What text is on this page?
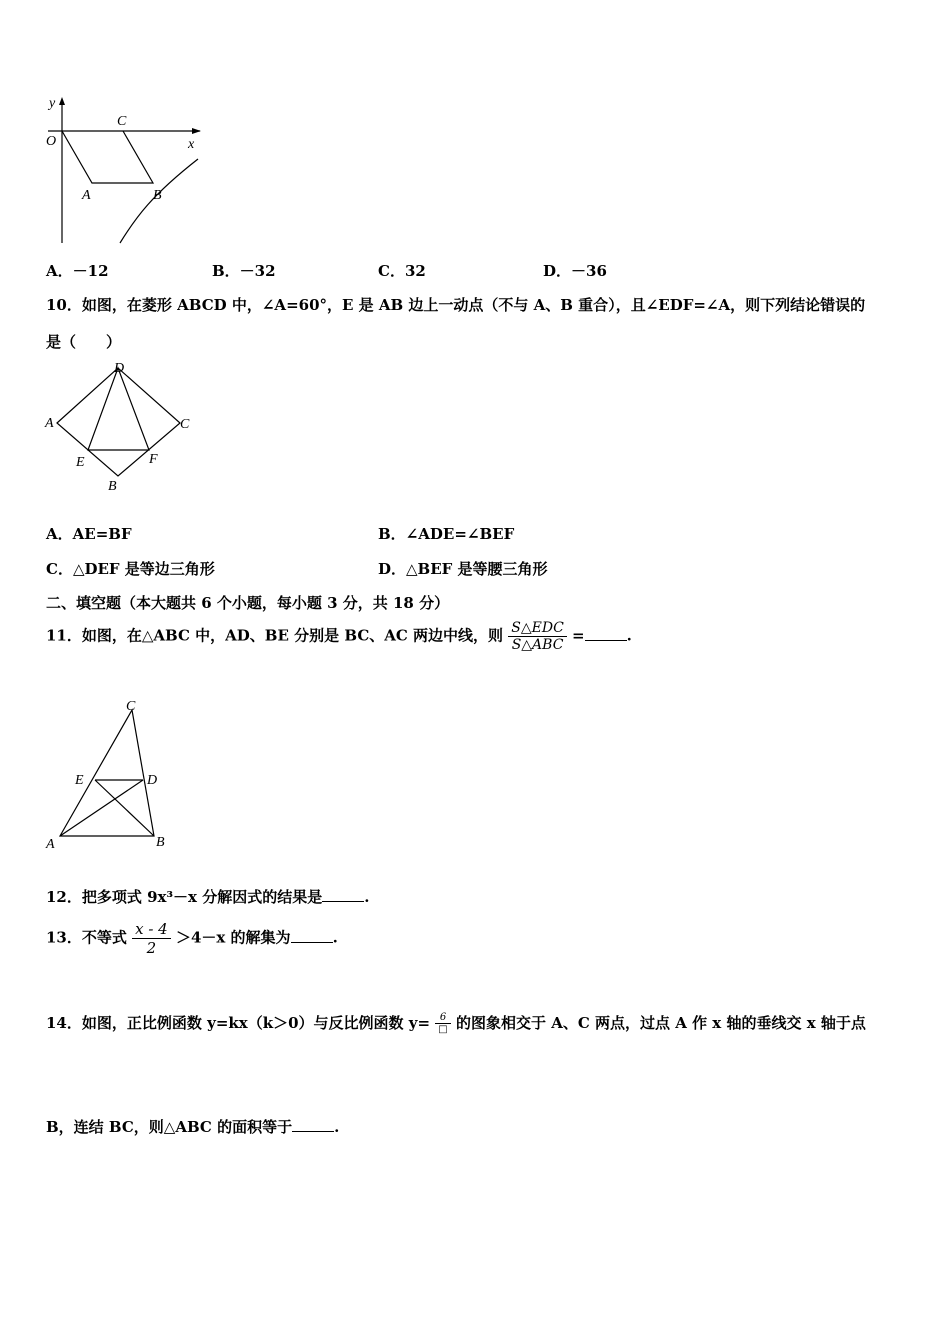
y
O
C
x
A	B
A．－12	B．－32	C．32	D．－36
10．如图，在菱形 ABCD 中，∠A=60°，E 是 AB 边上一动点（不与 A、B 重合），且∠EDF=∠A，则下列结论错误的
是（　　）
D
A	C
E	F
B
A．AE=BF	B．∠ADE=∠BEF
C．△DEF 是等边三角形	D．△BEF 是等腰三角形
二、填空题（本大题共 6 个小题，每小题 3 分，共 18 分）
11．如图，在△ABC 中，AD、BE 分别是 BC、AC 两边中线，则 $\frac{\text{S△EDC}}{\text{S△ABC}}$ =	.
C
E	D
A	B
12．把多项式 9x³－x 分解因式的结果是	.
13．不等式 $\frac{x - 4}{2} >4-x$ 的解集为	.
14．如图，正比例函数 y=kx（k＞0）与反比例函数 $y= \frac{6}{□}$ 的图象相交于 A、C 两点，过点 A 作 x 轴的垂线交 x 轴于点
B，连结 BC，则△ABC 的面积等于	.
